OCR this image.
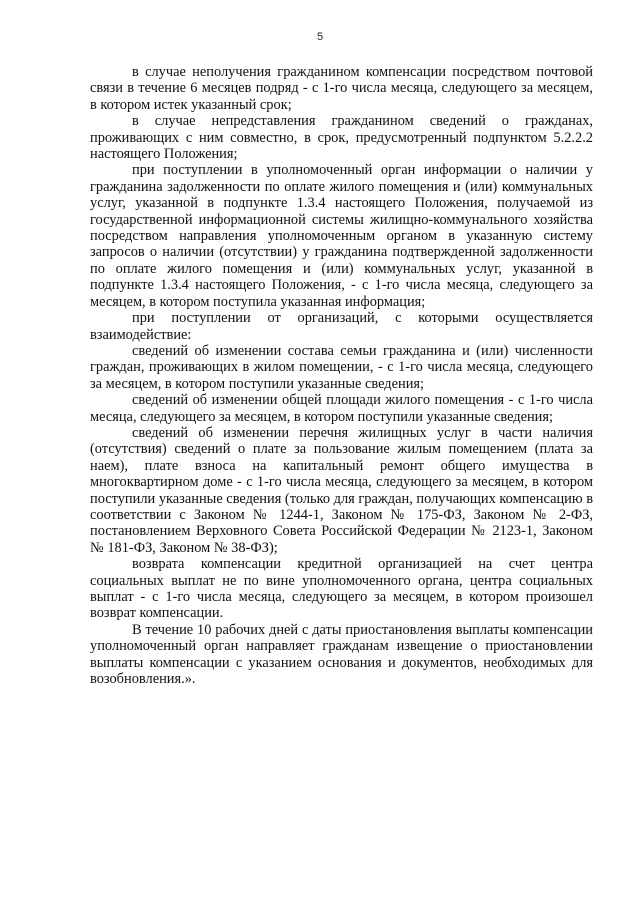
5

в случае неполучения гражданином компенсации посредством почтовой связи в течение 6 месяцев подряд - с 1-го числа месяца, следующего за месяцем, в котором истек указанный срок;

в случае непредставления гражданином сведений о гражданах, проживающих с ним совместно, в срок, предусмотренный подпунктом 5.2.2.2 настоящего Положения;

при поступлении в уполномоченный орган информации о наличии у гражданина задолженности по оплате жилого помещения и (или) коммунальных услуг, указанной в подпункте 1.3.4 настоящего Положения, получаемой из государственной информационной системы жилищно-коммунального хозяйства посредством направления уполномоченным органом в указанную систему запросов о наличии (отсутствии) у гражданина подтвержденной задолженности по оплате жилого помещения и (или) коммунальных услуг, указанной в подпункте 1.3.4 настоящего Положения, - с 1-го числа месяца, следующего за месяцем, в котором поступила указанная информация;

при поступлении от организаций, с которыми осуществляется взаимодействие:

сведений об изменении состава семьи гражданина и (или) численности граждан, проживающих в жилом помещении, - с 1-го числа месяца, следующего за месяцем, в котором поступили указанные сведения;

сведений об изменении общей площади жилого помещения - с 1-го числа месяца, следующего за месяцем, в котором поступили указанные сведения;

сведений об изменении перечня жилищных услуг в части наличия (отсутствия) сведений о плате за пользование жилым помещением (плата за наем), плате взноса на капитальный ремонт общего имущества в многоквартирном доме - с 1-го числа месяца, следующего за месяцем, в котором поступили указанные сведения (только для граждан, получающих компенсацию в соответствии с Законом № 1244-1, Законом № 175-ФЗ, Законом № 2-ФЗ, постановлением Верховного Совета Российской Федерации № 2123-1, Законом № 181-ФЗ, Законом № 38-ФЗ);

возврата компенсации кредитной организацией на счет центра социальных выплат не по вине уполномоченного органа, центра социальных выплат - с 1-го числа месяца, следующего за месяцем, в котором произошел возврат компенсации.

В течение 10 рабочих дней с даты приостановления выплаты компенсации уполномоченный орган направляет гражданам извещение о приостановлении выплаты компенсации с указанием основания и документов, необходимых для возобновления.».
